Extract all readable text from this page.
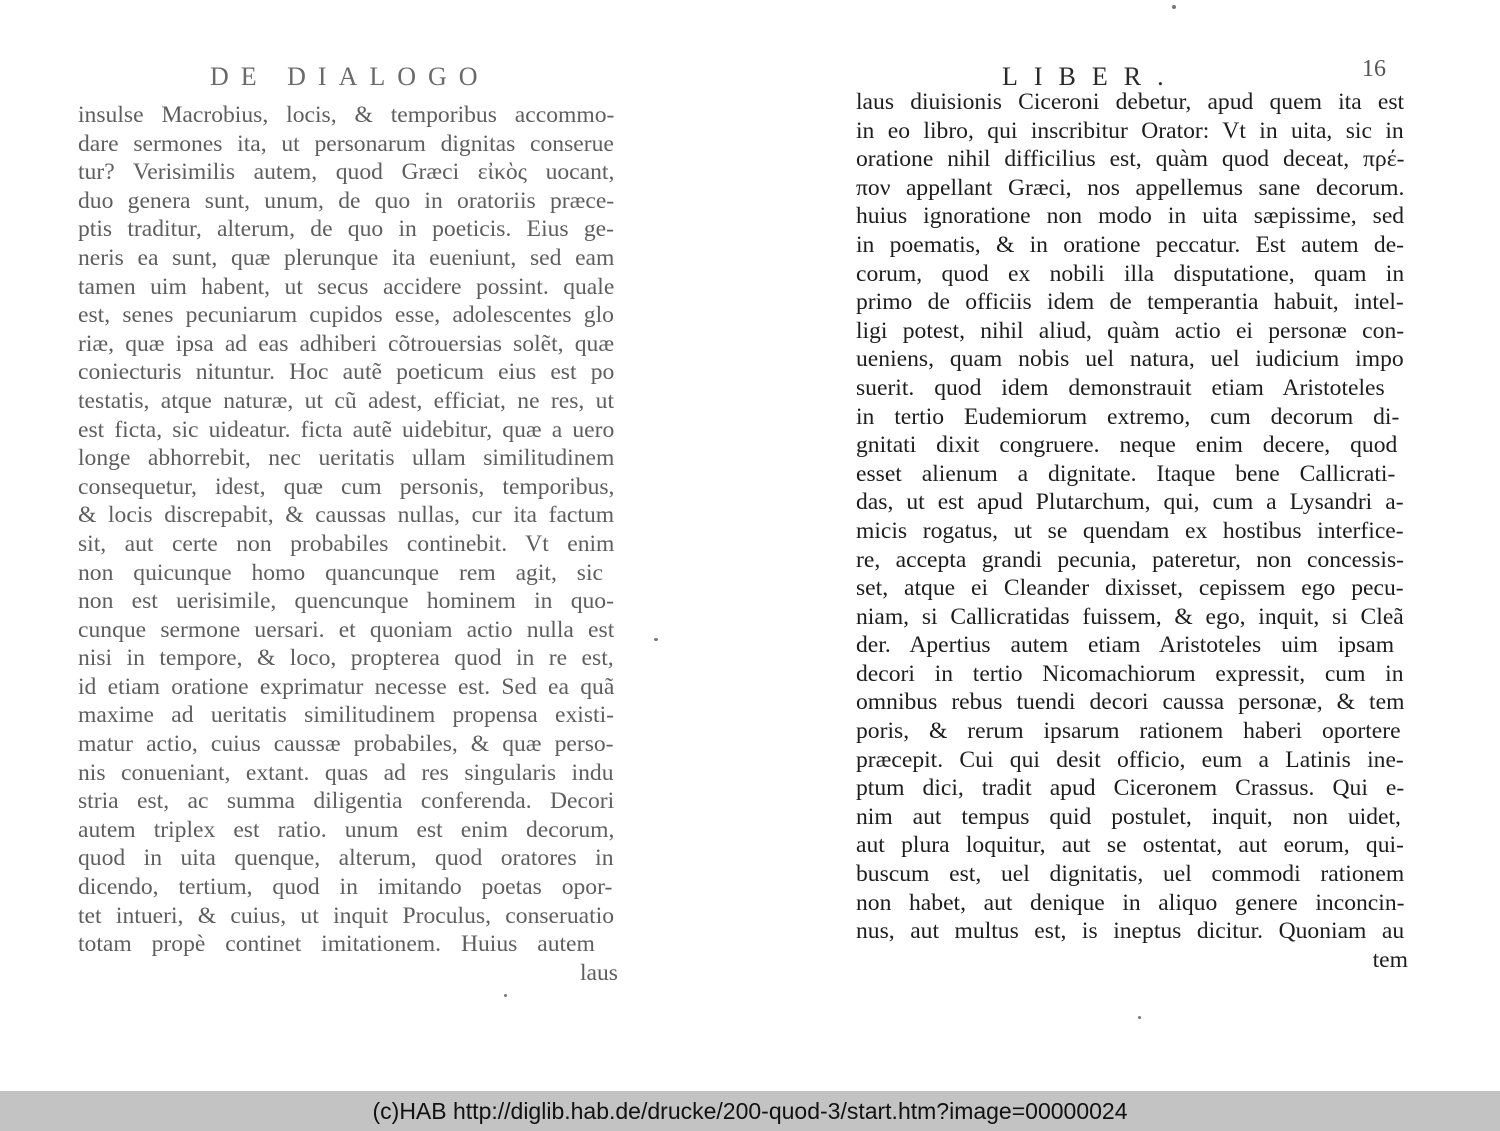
DE DIALOGO
insulse Macrobius, locis, & temporibus accommo-
dare sermones ita, ut personarum dignitas conserue
tur? Verisimilis autem, quod Græci εἰκὸς uocant,
duo genera sunt, unum, de quo in oratoriis præce-
ptis traditur, alterum, de quo in poeticis. Eius ge-
neris ea sunt, quæ plerunque ita eueniunt, sed eam
tamen uim habent, ut secus accidere possint. quale
est, senes pecuniarum cupidos esse, adolescentes glo
riæ, quæ ipsa ad eas adhiberi cõtrouersias solẽt, quæ
coniecturis nituntur. Hoc autẽ poeticum eius est po
testatis, atque naturæ, ut cũ adest, efficiat, ne res, ut
est ficta, sic uideatur. ficta autẽ uidebitur, quæ a uero
longe abhorrebit, nec ueritatis ullam similitudinem
consequetur, idest, quæ cum personis, temporibus,
& locis discrepabit, & caussas nullas, cur ita factum
sit, aut certe non probabiles continebit. Vt enim
non quicunque homo quancunque rem agit, sic
non est uerisimile, quencunque hominem in quo-
cunque sermone uersari. et quoniam actio nulla est
nisi in tempore, & loco, propterea quod in re est,
id etiam oratione exprimatur necesse est. Sed ea quã
maxime ad ueritatis similitudinem propensa existi-
matur actio, cuius caussæ probabiles, & quæ perso-
nis conueniant, extant. quas ad res singularis indu
stria est, ac summa diligentia conferenda. Decori
autem triplex est ratio. unum est enim decorum,
quod in uita quenque, alterum, quod oratores in
dicendo, tertium, quod in imitando poetas opor-
tet intueri, & cuius, ut inquit Proculus, conseruatio
totam propè continet imitationem. Huius autem
laus
LIBER.	16
laus diuisionis Ciceroni debetur, apud quem ita est
in eo libro, qui inscribitur Orator: Vt in uita, sic in
oratione nihil difficilius est, quàm quod deceat, πρέ-
πον appellant Græci, nos appellemus sane decorum.
huius ignoratione non modo in uita sæpissime, sed
in poematis, & in oratione peccatur. Est autem de-
corum, quod ex nobili illa disputatione, quam in
primo de officiis idem de temperantia habuit, intel-
ligi potest, nihil aliud, quàm actio ei personæ con-
ueniens, quam nobis uel natura, uel iudicium impo
suerit. quod idem demonstrauit etiam Aristoteles
in tertio Eudemiorum extremo, cum decorum di-
gnitati dixit congruere. neque enim decere, quod
esset alienum a dignitate. Itaque bene Callicrati-
das, ut est apud Plutarchum, qui, cum a Lysandri a-
micis rogatus, ut se quendam ex hostibus interfice-
re, accepta grandi pecunia, pateretur, non concessis-
set, atque ei Cleander dixisset, cepissem ego pecu-
niam, si Callicratidas fuissem, & ego, inquit, si Cleã
der. Apertius autem etiam Aristoteles uim ipsam
decori in tertio Nicomachiorum expressit, cum in
omnibus rebus tuendi decori caussa personæ, & tem
poris, & rerum ipsarum rationem haberi oportere
præcepit. Cui qui desit officio, eum a Latinis ine-
ptum dici, tradit apud Ciceronem Crassus. Qui e-
nim aut tempus quid postulet, inquit, non uidet,
aut plura loquitur, aut se ostentat, aut eorum, qui-
buscum est, uel dignitatis, uel commodi rationem
non habet, aut denique in aliquo genere inconcin-
nus, aut multus est, is ineptus dicitur. Quoniam au
tem
(c)HAB http://diglib.hab.de/drucke/200-quod-3/start.htm?image=00000024
